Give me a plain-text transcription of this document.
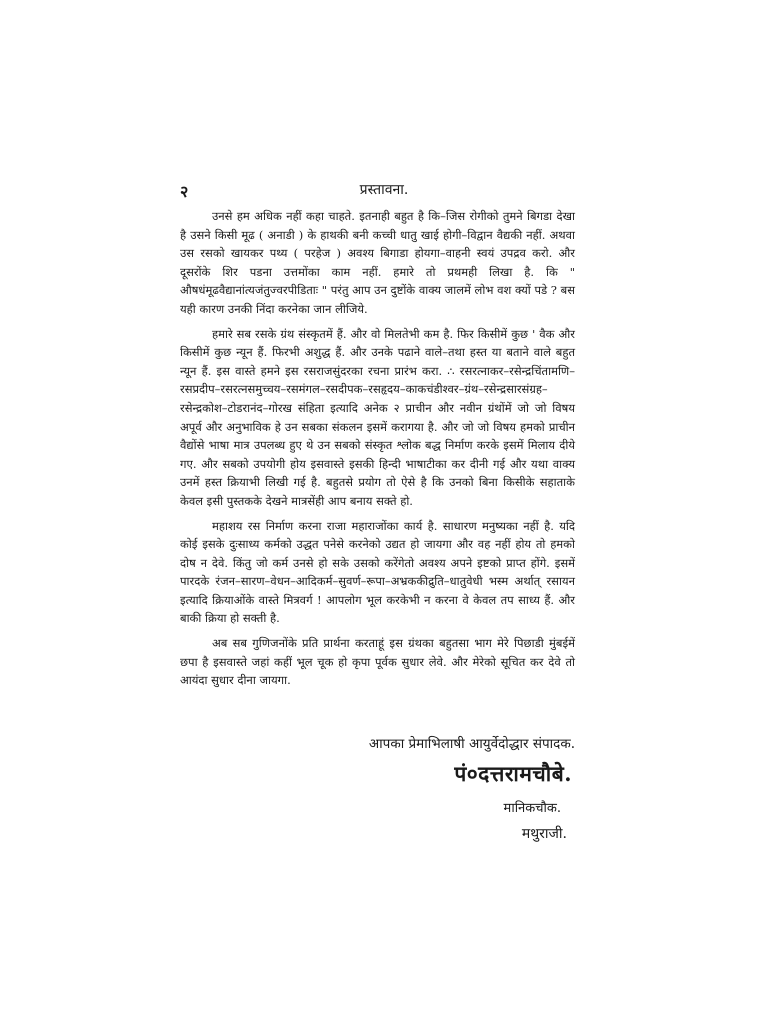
प्रस्तावना.
२

उनसे हम अधिक नहीं कहा चाहते. इतनाही बहुत है कि–जिस रोगीको तुमने बिगडा देखा है उसने किसी मूढ ( अनाडी ) के हाथकी बनी कच्ची धातु खाई होगी–विद्वान वैद्यकी नहीं. अथवा उस रसको खायकर पथ्य ( परहेज ) अवश्य बिगाडा होयगा–वाहनी स्वयं उपद्रव करो. और दूसरोंके शिर पडना उत्तमोंका काम नहीं. हमारे तो प्रथमही लिखा है. कि " औषधंमूढवैद्यानांत्यजंतुज्वरपीडिताः " परंतु आप उन दुष्टोंके वाक्य जालमें लोभ वश क्यों पडे ? बस यही कारण उनकी निंदा करनेका जान लीजिये.

हमारे सब रसके ग्रंथ संस्कृतमें हैं. और वो मिलतेभी कम है. फिर किसीमें कुछ ' वैक और किसीमें कुछ न्यून हैं. फिरभी अशुद्ध हैं. और उनके पढाने वाले–तथा हस्त या बताने वाले बहुत न्यून हैं. इस वास्ते हमने इस रसराजसुंदरका रचना प्रारंभ करा. ∴ रसरत्नाकर–रसेन्द्रचिंतामणि–रसप्रदीप–रसरत्नसमुच्चय–रसमंगल–रसदीपक–रसहृदय–काकचंडीश्वर–ग्रंथ–रसेन्द्रसारसंग्रह–रसेन्द्रकोश–टोडरानंद–गोरख संहिता इत्यादि अनेक २ प्राचीन और नवीन ग्रंथोंमें जो जो विषय अपूर्व और अनुभाविक हे उन सबका संकलन इसमें करागया है. और जो जो विषय हमको प्राचीन वैद्योंसे भाषा मात्र उपलब्ध हुए थे उन सबको संस्कृत श्लोक बद्ध निर्माण करके इसमें मिलाय दीये गए. और सबको उपयोगी होय इसवास्ते इसकी हिन्दी भाषाटीका कर दीनी गई और यथा वाक्य उनमें हस्त क्रियाभी लिखी गई है. बहुतसे प्रयोग तो ऐसे है कि उनको बिना किसीके सहाताके केवल इसी पुस्तकके देखने मात्रसेंही आप बनाय सक्ते हो.

महाशय रस निर्माण करना राजा महाराजोंका कार्य है. साधारण मनुष्यका नहीं है. यदि कोई इसके दुःसाध्य कर्मको उद्धत पनेसे करनेको उद्यत हो जायगा और वह नहीं होय तो हमको दोष न देवे. किंतु जो कर्म उनसे हो सके उसको करेंगेतो अवश्य अपने इष्टको प्राप्त होंगे. इसमें पारदके रंजन–सारण–वेधन–आदिकर्म–सुवर्ण–रूपा–अभ्रककीद्रुति–धातुवेधी भस्म अर्थात् रसायन इत्यादि क्रियाओंके वास्ते मित्रवर्ग ! आपलोग भूल करकेभी न करना वे केवल तप साध्य हैं. और बाकी क्रिया हो सक्ती है.

अब सब गुणिजनोंके प्रति प्रार्थना करताहूं इस ग्रंथका बहुतसा भाग मेरे पिछाडी मुंबईमें छपा है इसवास्ते जहां कहीं भूल चूक हो कृपा पूर्वक सुधार लेवे. और मेरेको सूचित कर देवे तो आयंदा सुधार दीना जायगा.

आपका प्रेमाभिलाषी आयुर्वेदोद्धार संपादक.

पं०दत्तरामचौबे.

मानिकचौक.

मथुराजी.
